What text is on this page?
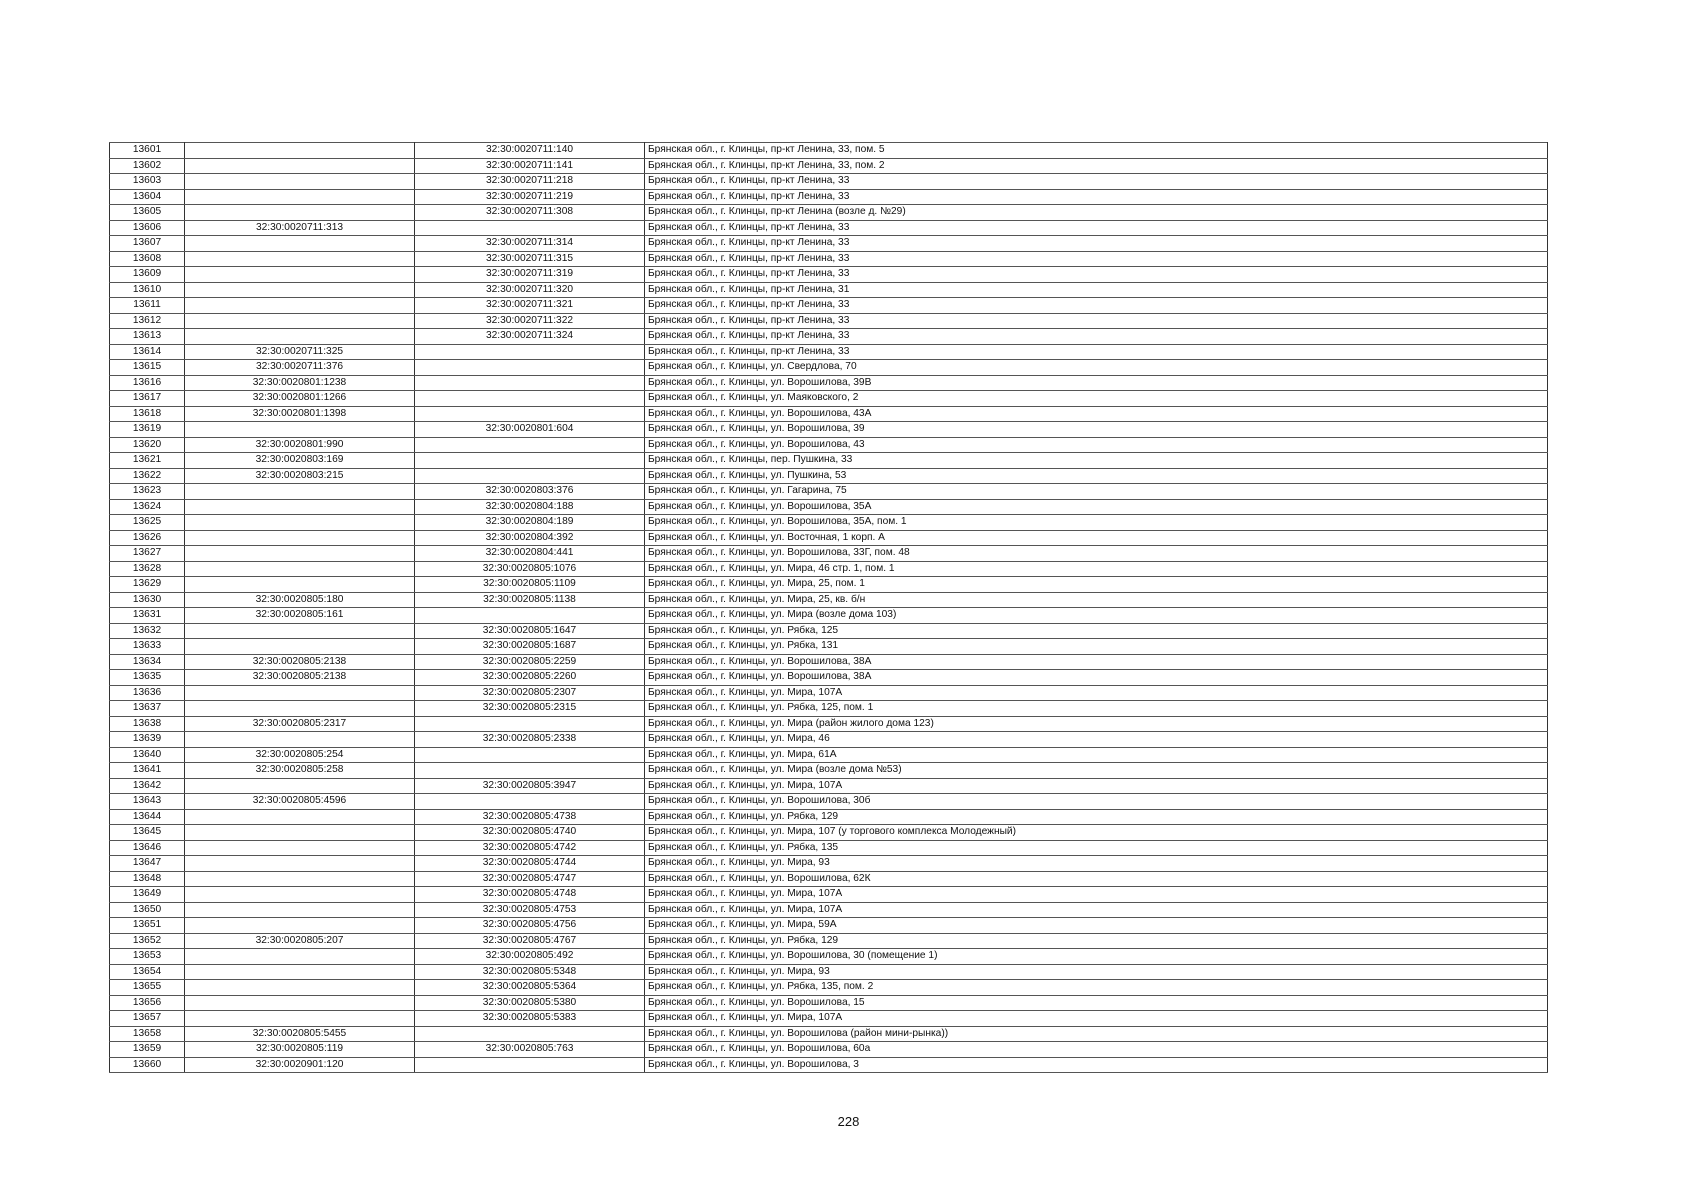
13601		32:30:0020711:140	Брянская обл., г. Клинцы, пр-кт Ленина, 33, пом. 5
13602		32:30:0020711:141	Брянская обл., г. Клинцы, пр-кт Ленина, 33, пом. 2
13603		32:30:0020711:218	Брянская обл., г. Клинцы, пр-кт Ленина, 33
13604		32:30:0020711:219	Брянская обл., г. Клинцы, пр-кт Ленина, 33
13605		32:30:0020711:308	Брянская обл., г. Клинцы, пр-кт Ленина (возле д. №29)
13606	32:30:0020711:313		Брянская обл., г. Клинцы, пр-кт Ленина, 33
13607		32:30:0020711:314	Брянская обл., г. Клинцы, пр-кт Ленина, 33
13608		32:30:0020711:315	Брянская обл., г. Клинцы, пр-кт Ленина, 33
13609		32:30:0020711:319	Брянская обл., г. Клинцы, пр-кт Ленина, 33
13610		32:30:0020711:320	Брянская обл., г. Клинцы, пр-кт Ленина, 31
13611		32:30:0020711:321	Брянская обл., г. Клинцы, пр-кт Ленина, 33
13612		32:30:0020711:322	Брянская обл., г. Клинцы, пр-кт Ленина, 33
13613		32:30:0020711:324	Брянская обл., г. Клинцы, пр-кт Ленина, 33
13614	32:30:0020711:325		Брянская обл., г. Клинцы, пр-кт Ленина, 33
13615	32:30:0020711:376		Брянская обл., г. Клинцы, ул. Свердлова, 70
13616	32:30:0020801:1238		Брянская обл., г. Клинцы, ул. Ворошилова, 39В
13617	32:30:0020801:1266		Брянская обл., г. Клинцы, ул. Маяковского, 2
13618	32:30:0020801:1398		Брянская обл., г. Клинцы, ул. Ворошилова, 43А
13619		32:30:0020801:604	Брянская обл., г. Клинцы, ул. Ворошилова, 39
13620	32:30:0020801:990		Брянская обл., г. Клинцы, ул. Ворошилова, 43
13621	32:30:0020803:169		Брянская обл., г. Клинцы, пер. Пушкина, 33
13622	32:30:0020803:215		Брянская обл., г. Клинцы, ул. Пушкина, 53
13623		32:30:0020803:376	Брянская обл., г. Клинцы, ул. Гагарина, 75
13624		32:30:0020804:188	Брянская обл., г. Клинцы, ул. Ворошилова, 35А
13625		32:30:0020804:189	Брянская обл., г. Клинцы, ул. Ворошилова, 35А, пом. 1
13626		32:30:0020804:392	Брянская обл., г. Клинцы, ул. Восточная, 1 корп. А
13627		32:30:0020804:441	Брянская обл., г. Клинцы, ул. Ворошилова, 33Г, пом. 48
13628		32:30:0020805:1076	Брянская обл., г. Клинцы, ул. Мира, 46 стр. 1, пом. 1
13629		32:30:0020805:1109	Брянская обл., г. Клинцы, ул. Мира, 25, пом. 1
13630	32:30:0020805:180	32:30:0020805:1138	Брянская обл., г. Клинцы, ул. Мира, 25, кв. б/н
13631	32:30:0020805:161		Брянская обл., г. Клинцы, ул. Мира (возле дома 103)
13632		32:30:0020805:1647	Брянская обл., г. Клинцы, ул. Рябка, 125
13633		32:30:0020805:1687	Брянская обл., г. Клинцы, ул. Рябка, 131
13634	32:30:0020805:2138	32:30:0020805:2259	Брянская обл., г. Клинцы, ул. Ворошилова, 38А
13635	32:30:0020805:2138	32:30:0020805:2260	Брянская обл., г. Клинцы, ул. Ворошилова, 38А
13636		32:30:0020805:2307	Брянская обл., г. Клинцы, ул. Мира, 107А
13637		32:30:0020805:2315	Брянская обл., г. Клинцы, ул. Рябка, 125, пом. 1
13638	32:30:0020805:2317		Брянская обл., г. Клинцы, ул. Мира (район жилого дома 123)
13639		32:30:0020805:2338	Брянская обл., г. Клинцы, ул. Мира, 46
13640	32:30:0020805:254		Брянская обл., г. Клинцы, ул. Мира, 61А
13641	32:30:0020805:258		Брянская обл., г. Клинцы, ул. Мира (возле дома №53)
13642		32:30:0020805:3947	Брянская обл., г. Клинцы, ул. Мира, 107А
13643	32:30:0020805:4596		Брянская обл., г. Клинцы, ул. Ворошилова, 30б
13644		32:30:0020805:4738	Брянская обл., г. Клинцы, ул. Рябка, 129
13645		32:30:0020805:4740	Брянская обл., г. Клинцы, ул. Мира, 107 (у торгового комплекса Молодежный)
13646		32:30:0020805:4742	Брянская обл., г. Клинцы, ул. Рябка, 135
13647		32:30:0020805:4744	Брянская обл., г. Клинцы, ул. Мира, 93
13648		32:30:0020805:4747	Брянская обл., г. Клинцы, ул. Ворошилова, 62К
13649		32:30:0020805:4748	Брянская обл., г. Клинцы, ул. Мира, 107А
13650		32:30:0020805:4753	Брянская обл., г. Клинцы, ул. Мира, 107А
13651		32:30:0020805:4756	Брянская обл., г. Клинцы, ул. Мира, 59А
13652	32:30:0020805:207	32:30:0020805:4767	Брянская обл., г. Клинцы, ул. Рябка, 129
13653		32:30:0020805:492	Брянская обл., г. Клинцы, ул. Ворошилова, 30 (помещение 1)
13654		32:30:0020805:5348	Брянская обл., г. Клинцы, ул. Мира, 93
13655		32:30:0020805:5364	Брянская обл., г. Клинцы, ул. Рябка, 135, пом. 2
13656		32:30:0020805:5380	Брянская обл., г. Клинцы, ул. Ворошилова, 15
13657		32:30:0020805:5383	Брянская обл., г. Клинцы, ул. Мира, 107А
13658	32:30:0020805:5455		Брянская обл., г. Клинцы, ул. Ворошилова (район мини-рынка))
13659	32:30:0020805:119	32:30:0020805:763	Брянская обл., г. Клинцы, ул. Ворошилова, 60а
13660	32:30:0020901:120		Брянская обл., г. Клинцы, ул. Ворошилова, 3
228
